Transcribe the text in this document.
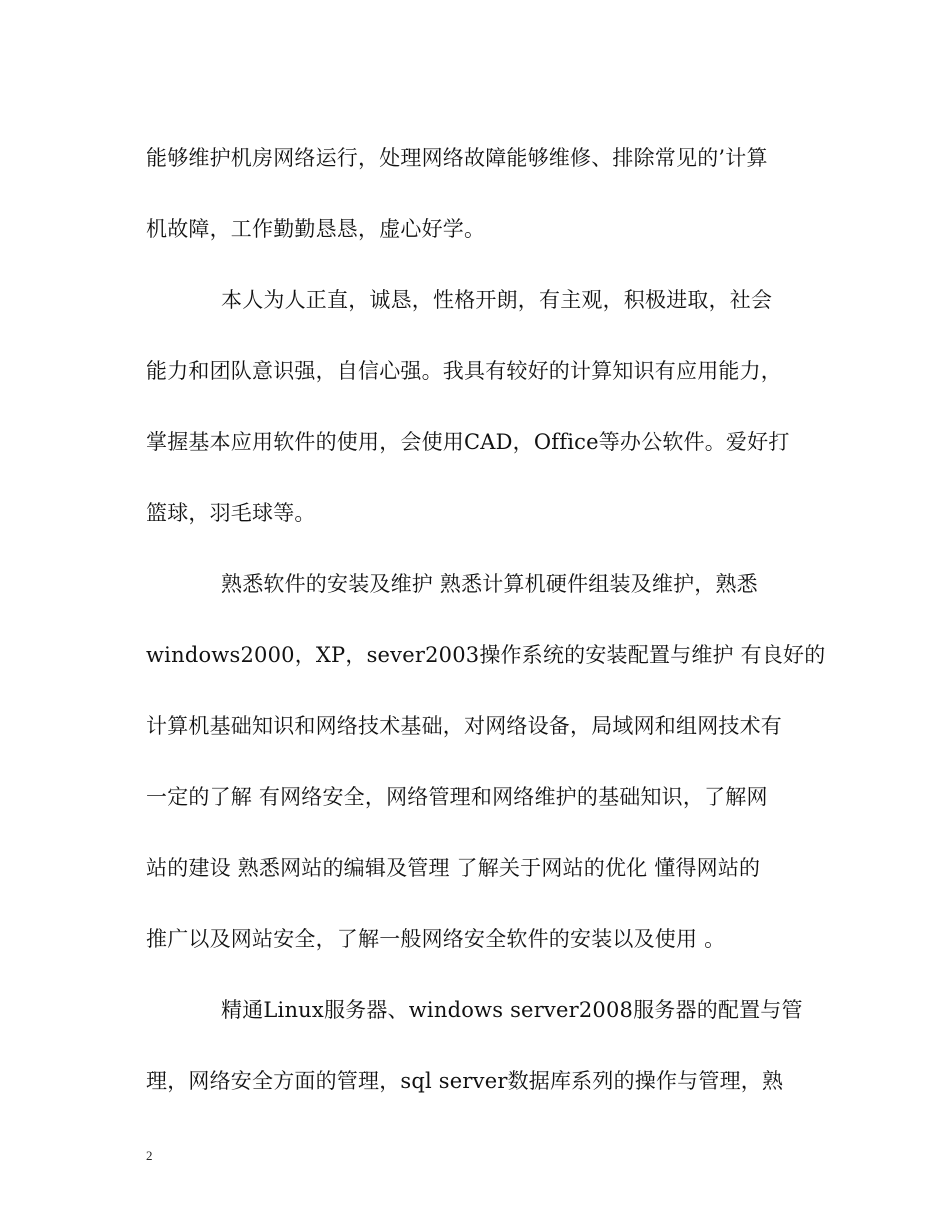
能够维护机房网络运行，处理网络故障能够维修、排除常见的’计算
机故障，工作勤勤恳恳，虚心好学。
本人为人正直，诚恳，性格开朗，有主观，积极进取，社会
能力和团队意识强，自信心强。我具有较好的计算知识有应用能力，
掌握基本应用软件的使用，会使用CAD，Office等办公软件。爱好打
篮球，羽毛球等。
熟悉软件的安装及维护 熟悉计算机硬件组装及维护，熟悉
windows2000，XP，sever2003操作系统的安装配置与维护 有良好的
计算机基础知识和网络技术基础，对网络设备，局域网和组网技术有
一定的了解 有网络安全，网络管理和网络维护的基础知识，了解网
站的建设 熟悉网站的编辑及管理 了解关于网站的优化 懂得网站的
推广以及网站安全，了解一般网络安全软件的安装以及使用 。
精通Linux服务器、windows server2008服务器的配置与管
理，网络安全方面的管理，sql server数据库系列的操作与管理，熟
2
